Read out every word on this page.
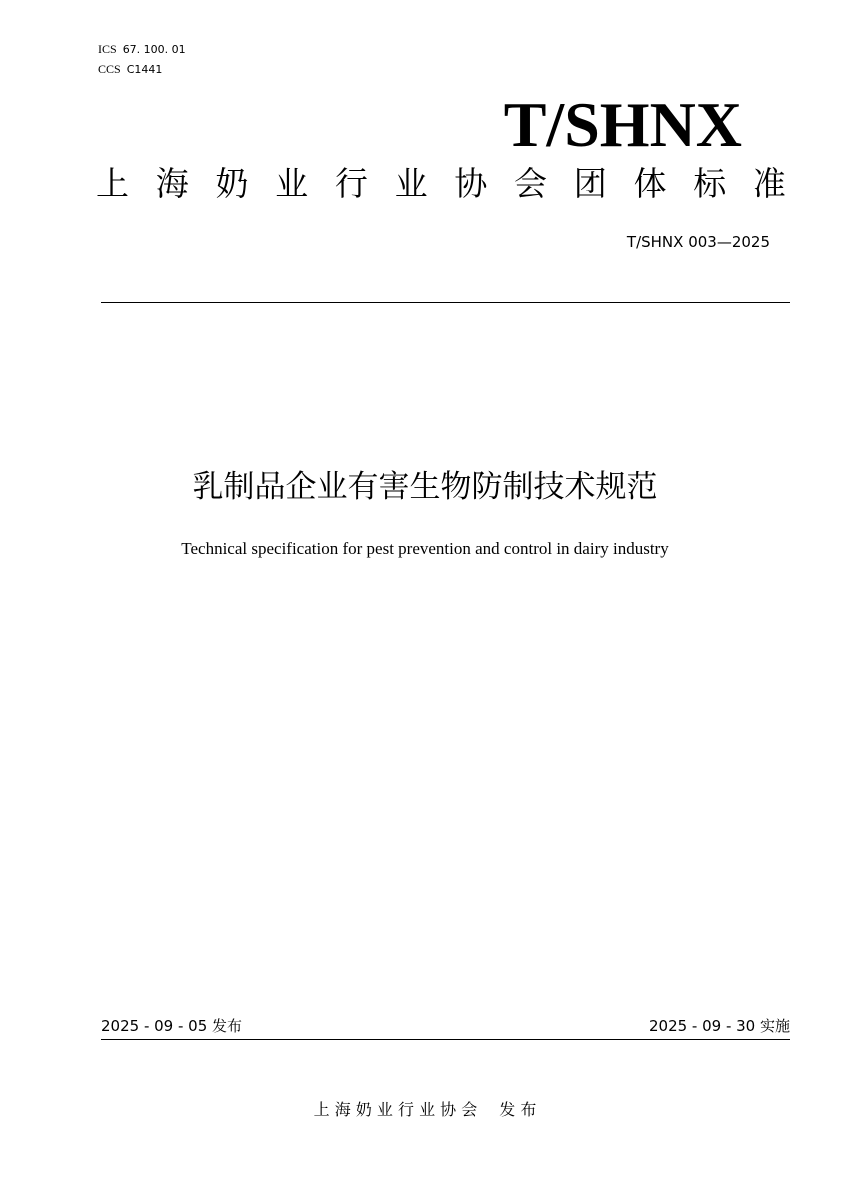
ICS 67. 100. 01
CCS C1441
T/SHNX
上 海 奶 业 行 业 协 会 团 体 标 准
T/SHNX 003—2025
乳制品企业有害生物防制技术规范
Technical specification for pest prevention and control in dairy industry
2025 - 09 - 05 发布	2025 - 09 - 30 实施
上 海 奶 业 行 业 协 会 发 布
